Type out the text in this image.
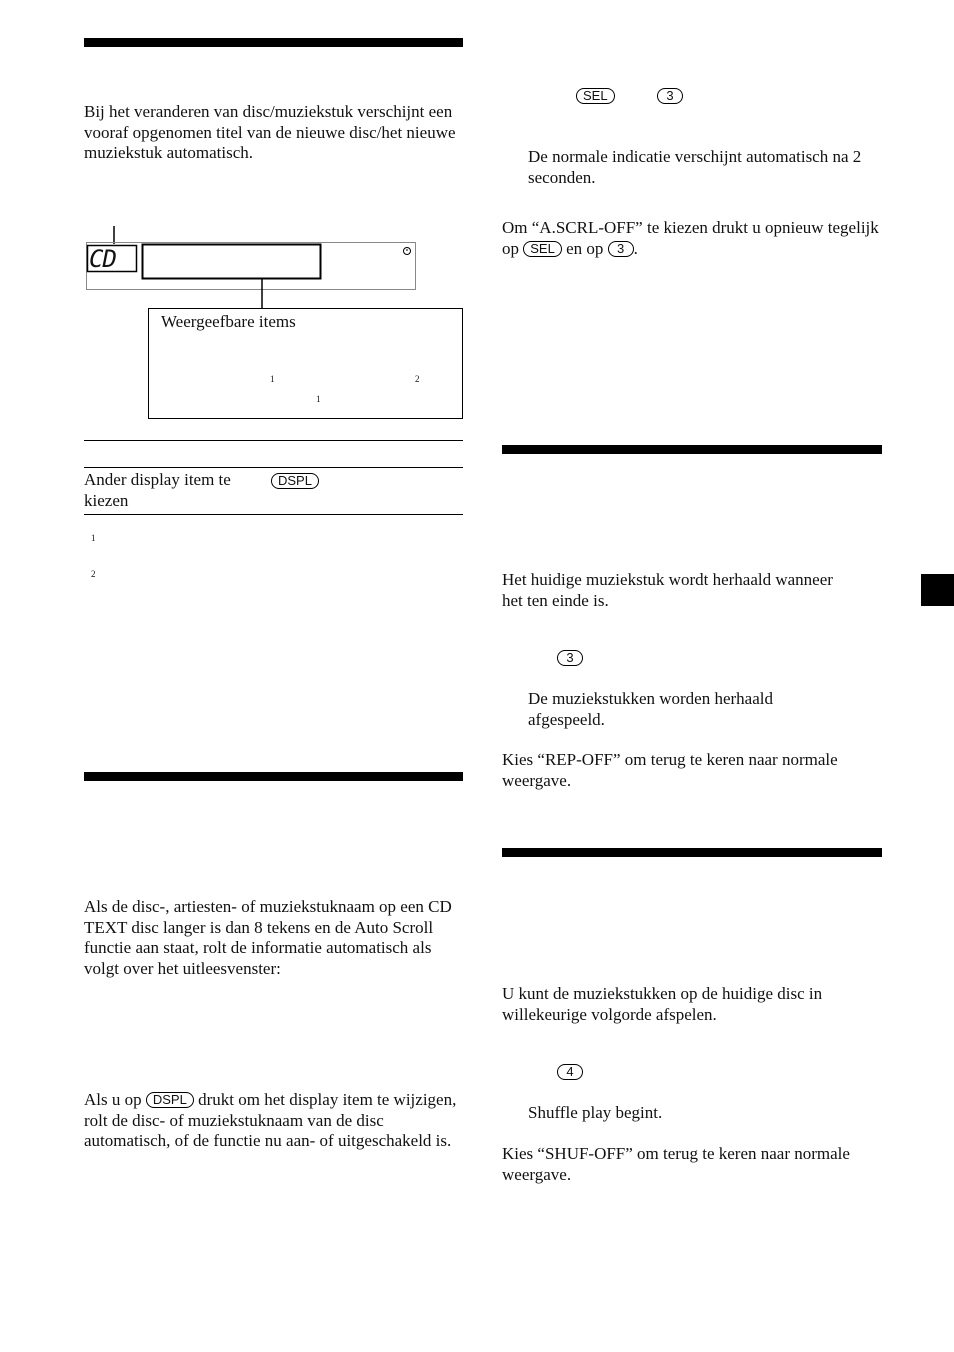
Bij het veranderen van disc/muziekstuk verschijnt een vooraf opgenomen titel van de nieuwe disc/het nieuwe muziekstuk automatisch.

CD
Weergeefbare items
1	2
1
Ander display item te kiezen
DSPL
1
2

Als de disc-, artiesten- of muziekstuknaam op een CD TEXT disc langer is dan 8 tekens en de Auto Scroll functie aan staat, rolt de informatie automatisch als volgt over het uitleesvenster:

Als u op DSPL drukt om het display item te wijzigen, rolt de disc- of muziekstuknaam van de disc automatisch, of de functie nu aan- of uitgeschakeld is.

SEL	3

De normale indicatie verschijnt automatisch na 2 seconden.

Om “A.SCRL-OFF” te kiezen drukt u opnieuw tegelijk op SEL en op 3 .

Het huidige muziekstuk wordt herhaald wanneer het ten einde is.

3

De muziekstukken worden herhaald afgespeeld.

Kies “REP-OFF” om terug te keren naar normale weergave.

U kunt de muziekstukken op de huidige disc in willekeurige volgorde afspelen.

4

Shuffle play begint.

Kies “SHUF-OFF” om terug te keren naar normale weergave.
